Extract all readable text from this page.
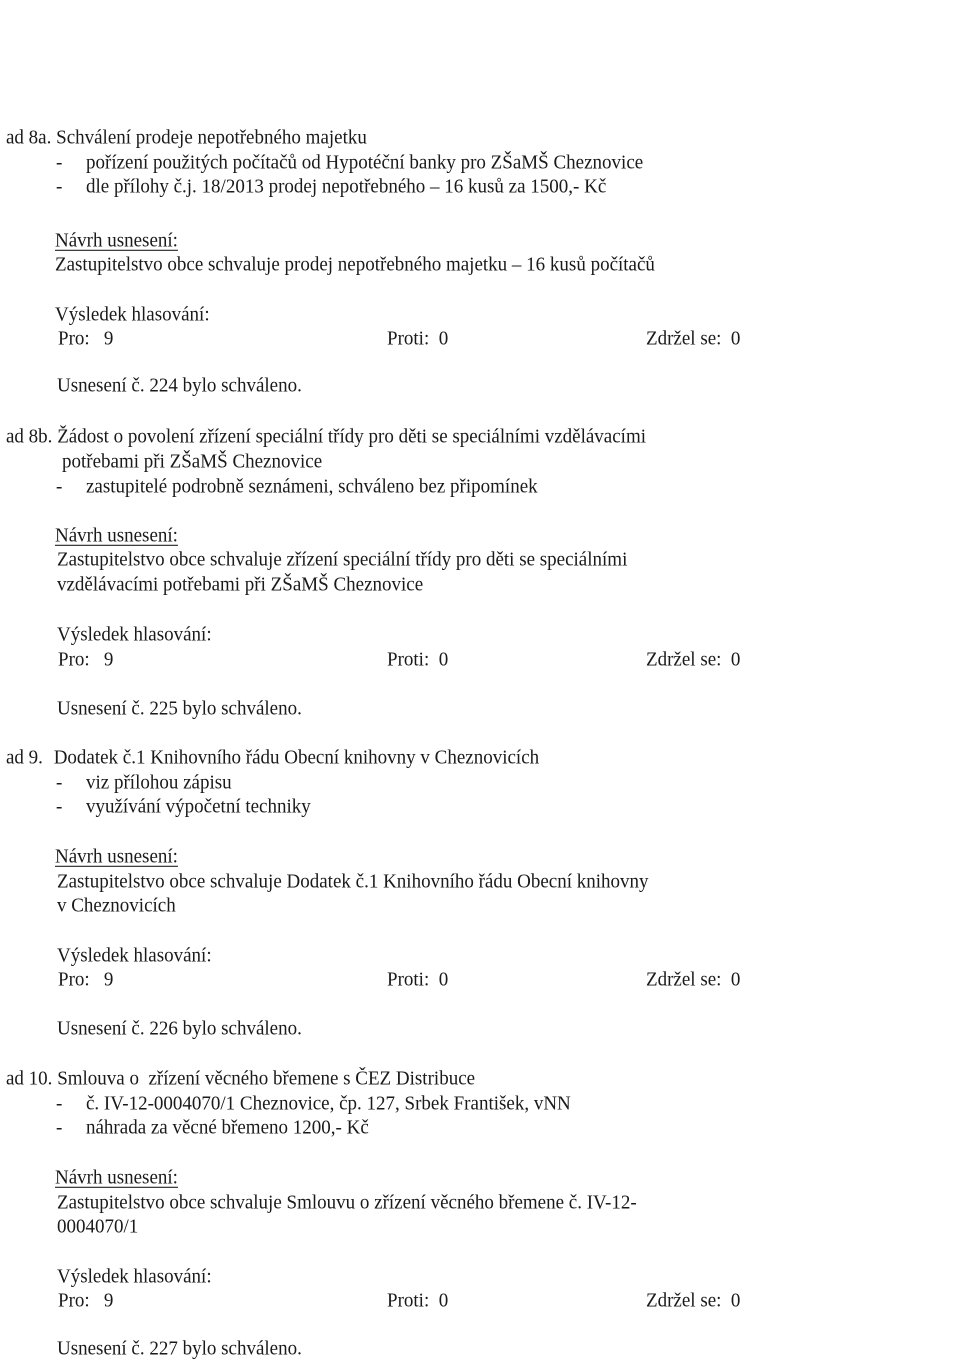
ad 8a. Schválení prodeje nepotřebného majetku
- pořízení použitých počítačů od Hypotéční banky pro ZŠaMŠ Cheznovice
- dle přílohy č.j. 18/2013 prodej nepotřebného – 16 kusů za 1500,- Kč
Návrh usnesení:
Zastupitelstvo obce schvaluje prodej nepotřebného majetku – 16 kusů počítačů
Výsledek hlasování:
Pro:   9	Proti:  0	Zdržel se:  0
Usnesení č. 224 bylo schváleno.
ad 8b. Žádost o povolení zřízení speciální třídy pro děti se speciálními vzdělávacími
potřebami při ZŠaMŠ Cheznovice
- zastupitelé podrobně seznámeni, schváleno bez připomínek
Návrh usnesení:
Zastupitelstvo obce schvaluje zřízení speciální třídy pro děti se speciálními
vzdělávacími potřebami při ZŠaMŠ Cheznovice
Výsledek hlasování:
Pro:   9	Proti:  0	Zdržel se:  0
Usnesení č. 225 bylo schváleno.
ad 9. Dodatek č.1 Knihovního řádu Obecní knihovny v Cheznovicích
- viz přílohou zápisu
- využívání výpočetní techniky
Návrh usnesení:
Zastupitelstvo obce schvaluje Dodatek č.1 Knihovního řádu Obecní knihovny
v Cheznovicích
Výsledek hlasování:
Pro:   9	Proti:  0	Zdržel se:  0
Usnesení č. 226 bylo schváleno.
ad 10. Smlouva o  zřízení věcného břemene s ČEZ Distribuce
- č. IV-12-0004070/1 Cheznovice, čp. 127, Srbek František, vNN
- náhrada za věcné břemeno 1200,- Kč
Návrh usnesení:
Zastupitelstvo obce schvaluje Smlouvu o zřízení věcného břemene č. IV-12-
0004070/1
Výsledek hlasování:
Pro:   9	Proti:  0	Zdržel se:  0
Usnesení č. 227 bylo schváleno.
